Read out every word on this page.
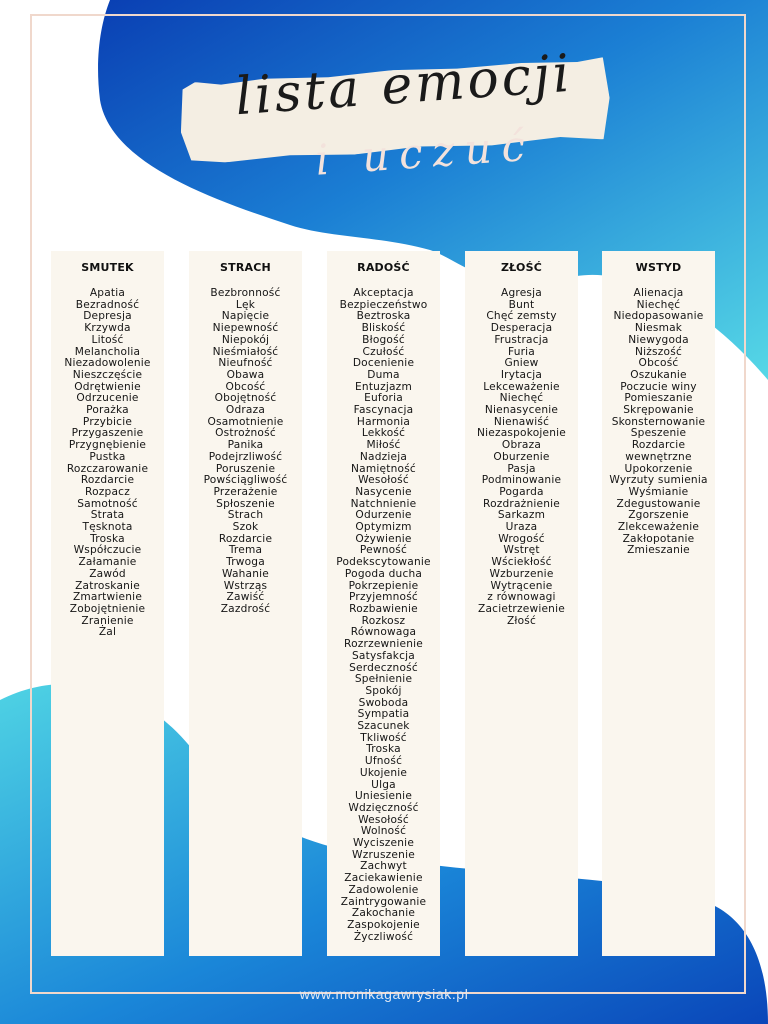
lista emocji
i uczuć
SMUTEK
Apatia
Bezradność
Depresja
Krzywda
Litość
Melancholia
Niezadowolenie
Nieszczęście
Odrętwienie
Odrzucenie
Porażka
Przybicie
Przygaszenie
Przygnębienie
Pustka
Rozczarowanie
Rozdarcie
Rozpacz
Samotność
Strata
Tęsknota
Troska
Współczucie
Załamanie
Zawód
Zatroskanie
Zmartwienie
Zobojętnienie
Zranienie
Żal
STRACH
Bezbronność
Lęk
Napięcie
Niepewność
Niepokój
Nieśmiałość
Nieufność
Obawa
Obcość
Obojętność
Odraza
Osamotnienie
Ostrożność
Panika
Podejrzliwość
Poruszenie
Powściągliwość
Przerażenie
Spłoszenie
Strach
Szok
Rozdarcie
Trema
Trwoga
Wahanie
Wstrząs
Zawiść
Zazdrość
RADOŚĆ
Akceptacja
Bezpieczeństwo
Beztroska
Bliskość
Błogość
Czułość
Docenienie
Duma
Entuzjazm
Euforia
Fascynacja
Harmonia
Lekkość
Miłość
Nadzieja
Namiętność
Wesołość
Nasycenie
Natchnienie
Odurzenie
Optymizm
Ożywienie
Pewność
Podekscytowanie
Pogoda ducha
Pokrzepienie
Przyjemność
Rozbawienie
Rozkosz
Równowaga
Rozrzewnienie
Satysfakcja
Serdeczność
Spełnienie
Spokój
Swoboda
Sympatia
Szacunek
Tkliwość
Troska
Ufność
Ukojenie
Ulga
Uniesienie
Wdzięczność
Wesołość
Wolność
Wyciszenie
Wzruszenie
Zachwyt
Zaciekawienie
Zadowolenie
Zaintrygowanie
Zakochanie
Zaspokojenie
Życzliwość
ZŁOŚĆ
Agresja
Bunt
Chęć zemsty
Desperacja
Frustracja
Furia
Gniew
Irytacja
Lekceważenie
Niechęć
Nienasycenie
Nienawiść
Niezaspokojenie
Obraza
Oburzenie
Pasja
Podminowanie
Pogarda
Rozdrażnienie
Sarkazm
Uraza
Wrogość
Wstręt
Wściekłość
Wzburzenie
Wytrącenie
z równowagi
Zacietrzewienie
Złość
WSTYD
Alienacja
Niechęć
Niedopasowanie
Niesmak
Niewygoda
Niższość
Obcość
Oszukanie
Poczucie winy
Pomieszanie
Skrępowanie
Skonsternowanie
Speszenie
Rozdarcie
wewnętrzne
Upokorzenie
Wyrzuty sumienia
Wyśmianie
Zdegustowanie
Zgorszenie
Zlekceważenie
Zakłopotanie
Zmieszanie
www.monikagawrysiak.pl
